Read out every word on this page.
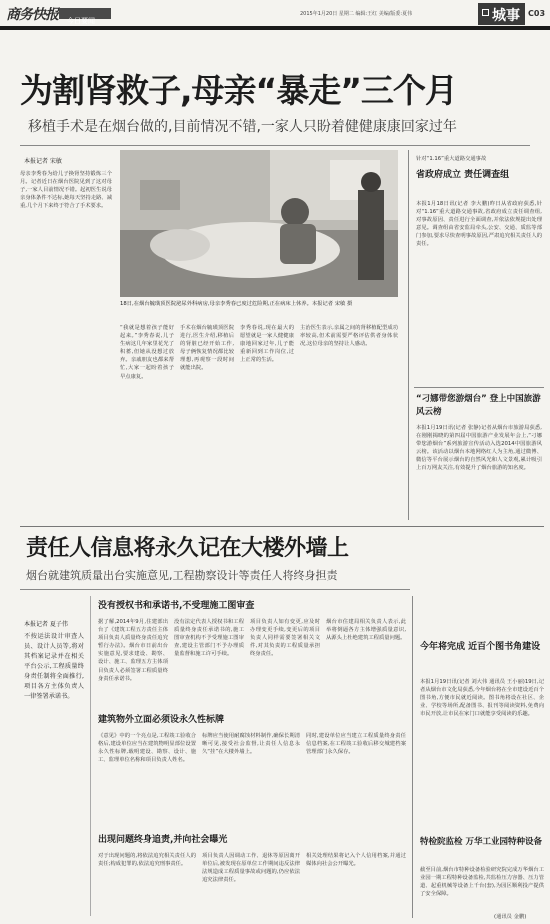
商务快报	今日要闻
2015年1月20日 星期二 编辑:王红 美编/版委:夏伟	城事 C03
为割肾救子,母亲“暴走”三个月
移植手术是在烟台做的,目前情况不错,一家人只盼着健健康康回家过年
本报记者 宋敏
母亲李秀春为给儿子换肾坚持锻炼三个月。记者近日在烟台医院见到了这对母子,一家人目前情况不错。起初医生说母亲身体条件不达标,她每天坚持走路、减重,几个月下来终于符合了手术要求。
18日,在烟台毓璜顶医院泌尿外科病房,母亲李秀春已度过危险期,正在病床上休养。本报记者 宋敏 摄
“我就是想着孩子能好起来。”李秀春说,儿子生病这几年家里花光了积蓄,但她从没想过放弃。亲戚朋友也都来帮忙,大家一起盼着孩子早点康复。
手术在烟台毓璜顶医院进行,医生介绍,移植后的肾脏已经开始工作,母子俩恢复情况都比较理想,再观察一段时间就能出院。
李秀春说,现在最大的愿望就是一家人健健康康地回家过年,儿子能重新回到工作岗位,过上正常的生活。
主治医生表示,亲属之间的肾移植配型成功率较高,但术前需要严格评估供者身体状况,这位母亲的坚持让人感动。
针对“1.16”重大道路交通事故
省政府成立 责任调查组
本报1月18日讯(记者 李大鹏)昨日从省政府获悉,针对“1.16”重大道路交通事故,省政府成立责任调查组,对事故原因、责任进行全面调查,并依法依规提出处理意见。调查组由省安监局牵头,公安、交通、质监等部门参加,要求尽快查明事故原因,严肃追究相关责任人的责任。
“刁娜带您游烟台” 登上中国旅游风云榜
本报1月19日讯(记者 张静)记者从烟台市旅游局获悉,在刚刚揭晓的第四届中国旅游产业发展年会上,“刁娜带您游烟台”系列旅游宣传活动入选2014中国旅游风云榜。该活动以烟台本地网络红人为主角,通过微博、微信等平台展示烟台的自然风光和人文景观,累计吸引上百万网友关注,有效提升了烟台旅游的知名度。
责任人信息将永久记在大楼外墙上
烟台就建筑质量出台实施意见,工程勘察设计等责任人将终身担责
本报记者 夏子伟
不按运法设计审查人员、设计人员等,将对其档案记录并在相关平台公示,工程质量终身责任制将全面推行,项目各方主体负责人一律签署承诺书。
没有授权书和承诺书,不受理施工图审查
据了解,2014年9月,住建部出台了《建筑工程五方责任主体项目负责人质量终身责任追究暂行办法》。烟台市日前出台实施意见,要求建设、勘察、设计、施工、监理五方主体项目负责人必须签署工程质量终身责任承诺书。
没有法定代表人授权书和工程质量终身责任承诺书的,施工图审查机构不予受理施工图审查,建设主管部门不予办理质量监督和施工许可手续。
项目负责人如有变更,应及时办理变更手续,变更后的项目负责人同样需要签署相关文件,对其负责的工程质量承担终身责任。
烟台市住建局相关负责人表示,此举将倒逼各方主体增强质量意识,从源头上杜绝建筑工程质量问题。
建筑物外立面必须设永久性标牌
《意见》中的一个亮点是,工程竣工验收合格后,建设单位应当在建筑物明显部位设置永久性标牌,载明建设、勘察、设计、施工、监理单位名称和项目负责人姓名。
标牌应当使用耐腐蚀材料制作,确保长期清晰可见,接受社会监督,让责任人信息永久“挂”在大楼外墙上。
同时,建设单位应当建立工程质量终身责任信息档案,在工程竣工验收后移交城建档案管理部门永久保存。
出现问题终身追责,并向社会曝光
对于出现问题的,将依法追究相关责任人的责任;构成犯罪的,依法追究刑事责任。
项目负责人因调动工作、退休等原因离开单位后,被发现在原单位工作期间违反法律法规造成工程质量事故或问题的,仍应依法追究法律责任。
相关处理结果将记入个人信用档案,并通过媒体向社会公开曝光。
今年将完成 近百个图书角建设
本报1月19日讯(记者 刘大伟 通讯员 王小丽)19日,记者从烟台市文化局获悉,今年烟台将在全市建设近百个图书角,方便市民就近阅读。图书角将设在社区、企业、学校等场所,配备图书、报刊等阅读资料,免费向市民开放,让市民在家门口就能享受阅读的乐趣。
特检院监检 万华工业园特种设备
截至目前,烟台市特种设备检验研究院完成万华烟台工业园一期工程特种设备监检,共监检压力容器、压力管道、起重机械等设备上千台(套),为园区顺利投产提供了安全保障。
(通讯员 金鹏)
